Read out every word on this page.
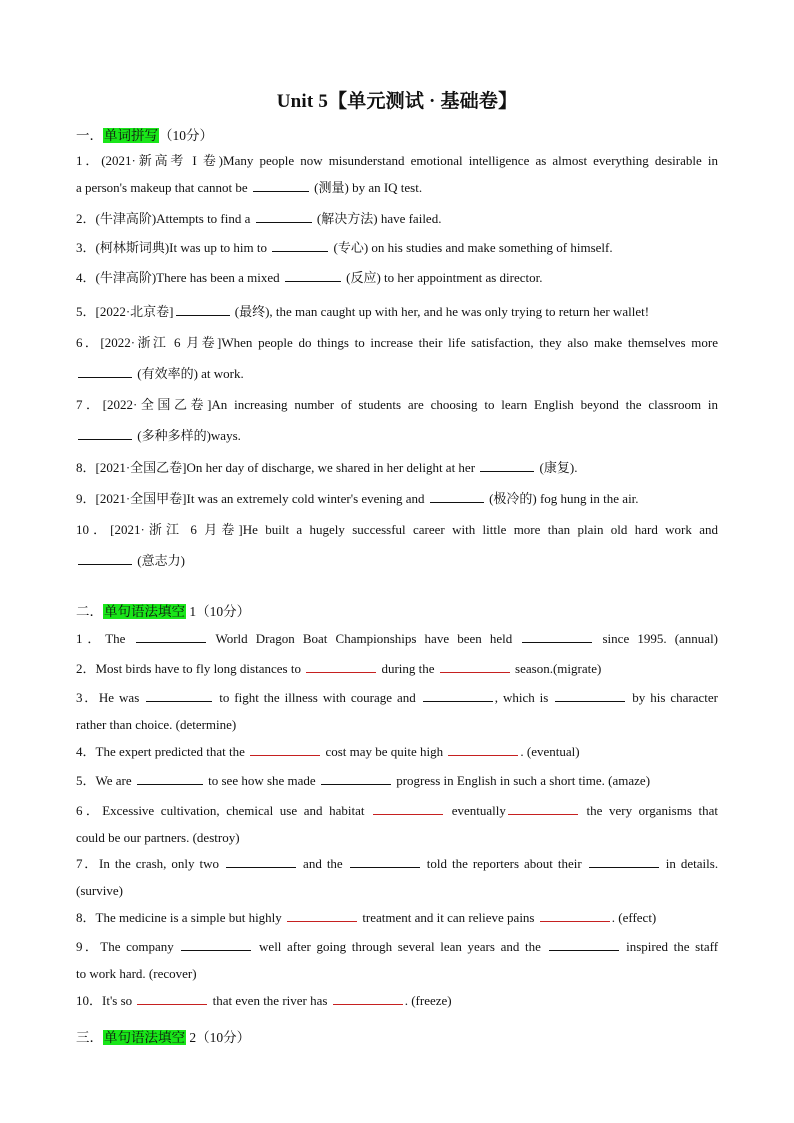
Unit 5【单元测试 · 基础卷】
一．单词拼写（10分）
1．(2021·新高考 I 卷)Many people now misunderstand emotional intelligence as almost everything desirable in
a person's makeup that cannot be	(测量) by an IQ test.
2．(牛津高阶)Attempts to find a	(解决方法) have failed.
3．(柯林斯词典)It was up to him to	(专心) on his studies and make something of himself.
4．(牛津高阶)There has been a mixed	(反应) to her appointment as director.
5．[2022·北京卷]	(最终), the man caught up with her, and he was only trying to return her wallet!
6．[2022·浙江 6 月卷]When people do things to increase their life satisfaction, they also make themselves more
(有效率的) at work.
7．[2022·全国乙卷]An increasing number of students are choosing to learn English beyond the classroom in
(多种多样的)ways.
8．[2021·全国乙卷]On her day of discharge, we shared in her delight at her	(康复).
9．[2021·全国甲卷]It was an extremely cold winter's evening and	(极冷的) fog hung in the air.
10．[2021·浙江 6 月卷]He built a hugely successful career with little more than plain old hard work and
(意志力)
二．单句语法填空 1（10分）
1．The	World Dragon Boat Championships have been held	since 1995. (annual)
2．Most birds have to fly long distances to	during the	season.(migrate)
3．He was	to fight the illness with courage and	, which is	by his character
rather than choice. (determine)
4．The expert predicted that the	cost may be quite high	. (eventual)
5．We are	to see how she made	progress in English in such a short time. (amaze)
6．Excessive cultivation, chemical use and habitat	eventually	the very organisms that
could be our partners. (destroy)
7．In the crash, only two	and the	told the reporters about their	in details.
(survive)
8．The medicine is a simple but highly	treatment and it can relieve pains	. (effect)
9．The company	well after going through several lean years and the	inspired the staff
to work hard. (recover)
10．It's so	that even the river has	. (freeze)
三．单句语法填空 2（10分）
